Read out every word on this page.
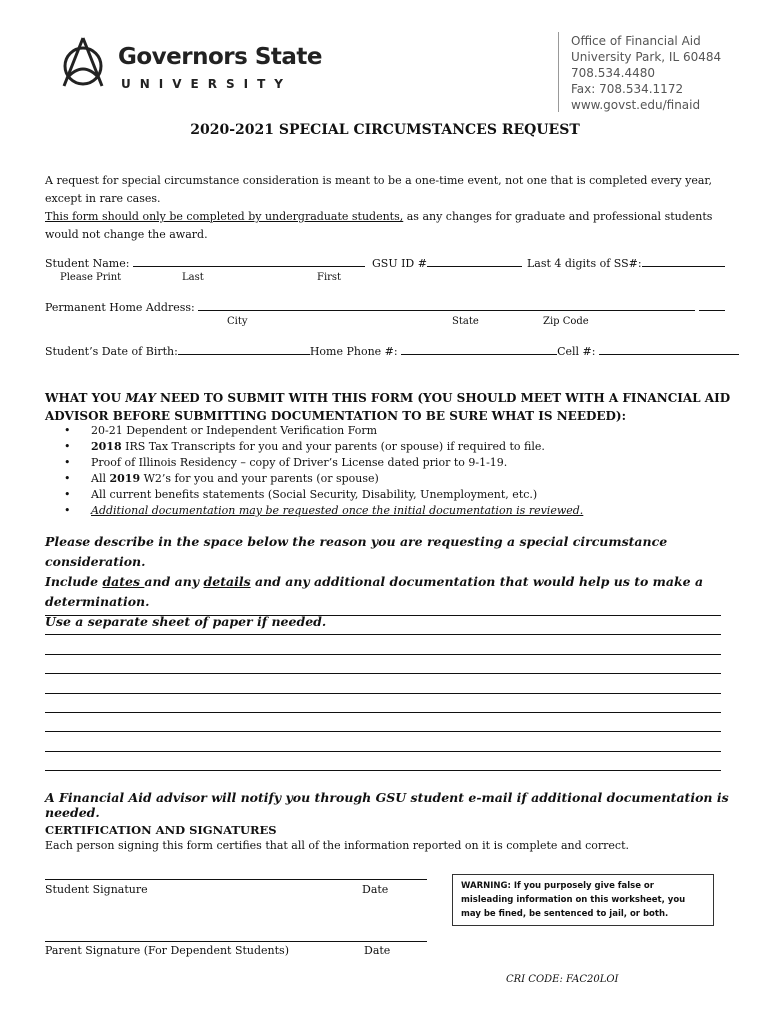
Governors State
UNIVERSITY
Office of Financial Aid
University Park, IL 60484
708.534.4480
Fax: 708.534.1172
www.govst.edu/finaid
2020-2021 SPECIAL CIRCUMSTANCES REQUEST
A request for special circumstance consideration is meant to be a one-time event, not one that is completed every year, except in rare cases.
This form should only be completed by undergraduate students, as any changes for graduate and professional students would not change the award.
Student Name:	GSU ID #	Last 4 digits of SS#:
Please Print	Last	First
Permanent Home Address:
City	State	Zip Code
Student’s Date of Birth:	Home Phone #:	Cell #:
WHAT YOU MAY NEED TO SUBMIT WITH THIS FORM (YOU SHOULD MEET WITH A FINANCIAL AID ADVISOR BEFORE SUBMITTING DOCUMENTATION TO BE SURE WHAT IS NEEDED):
• 20-21 Dependent or Independent Verification Form
• 2018 IRS Tax Transcripts for you and your parents (or spouse) if required to file.
• Proof of Illinois Residency – copy of Driver’s License dated prior to 9-1-19.
• All 2019 W2’s for you and your parents (or spouse)
• All current benefits statements (Social Security, Disability, Unemployment, etc.)
• Additional documentation may be requested once the initial documentation is reviewed.
Please describe in the space below the reason you are requesting a special circumstance consideration.
Include dates and any details and any additional documentation that would help us to make a determination.
Use a separate sheet of paper if needed.
A Financial Aid advisor will notify you through GSU student e-mail if additional documentation is needed.
CERTIFICATION AND SIGNATURES
Each person signing this form certifies that all of the information reported on it is complete and correct.
Student Signature	Date
Parent Signature (For Dependent Students)	Date
WARNING: If you purposely give false or misleading information on this worksheet, you may be fined, be sentenced to jail, or both.
CRI CODE: FAC20LOI
